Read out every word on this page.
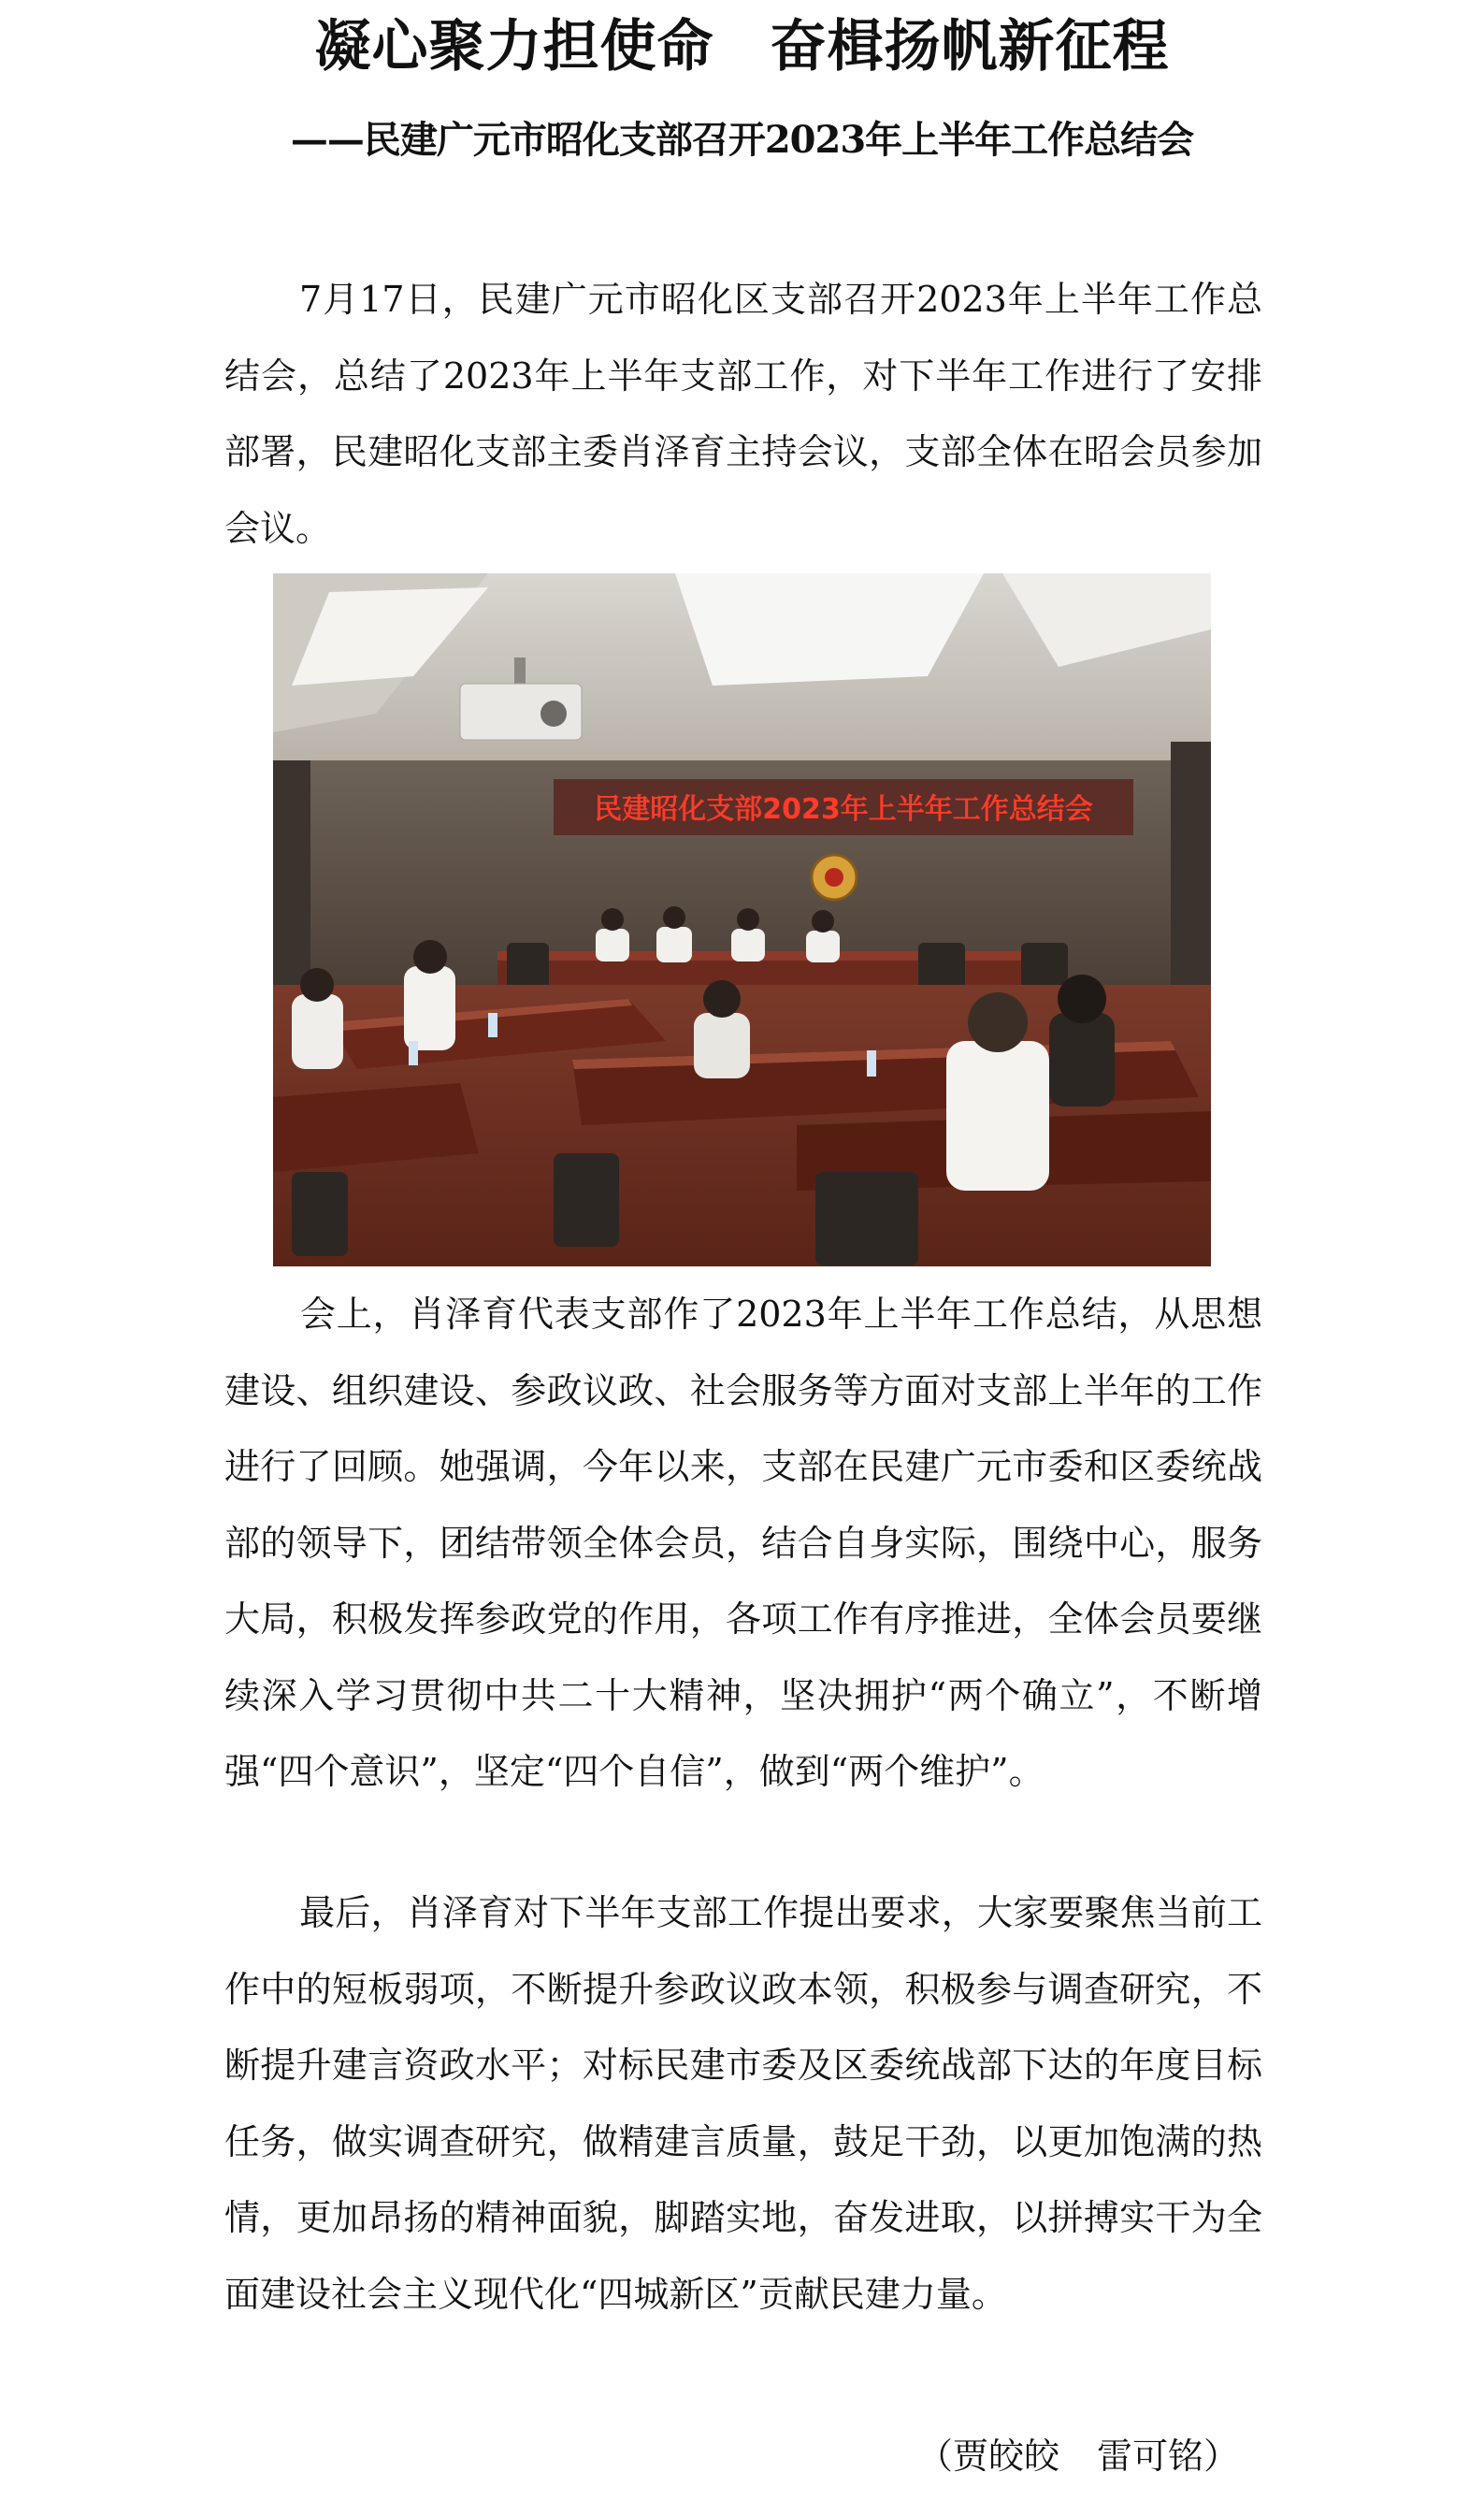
凝心聚力担使命 奋楫扬帆新征程
——民建广元市昭化支部召开2023年上半年工作总结会

7月17日，民建广元市昭化区支部召开2023年上半年工作总结会，总结了2023年上半年支部工作，对下半年工作进行了安排部署，民建昭化支部主委肖泽育主持会议，支部全体在昭会员参加会议。

民建昭化支部2023年上半年工作总结会

会上，肖泽育代表支部作了2023年上半年工作总结，从思想建设、组织建设、参政议政、社会服务等方面对支部上半年的工作进行了回顾。她强调，今年以来，支部在民建广元市委和区委统战部的领导下，团结带领全体会员，结合自身实际，围绕中心，服务大局，积极发挥参政党的作用，各项工作有序推进，全体会员要继续深入学习贯彻中共二十大精神，坚决拥护“两个确立”，不断增强“四个意识”，坚定“四个自信”，做到“两个维护”。

最后，肖泽育对下半年支部工作提出要求，大家要聚焦当前工作中的短板弱项，不断提升参政议政本领，积极参与调查研究，不断提升建言资政水平；对标民建市委及区委统战部下达的年度目标任务，做实调查研究，做精建言质量，鼓足干劲，以更加饱满的热情，更加昂扬的精神面貌，脚踏实地，奋发进取，以拼搏实干为全面建设社会主义现代化“四城新区”贡献民建力量。

（贾皎皎 雷可铭）
